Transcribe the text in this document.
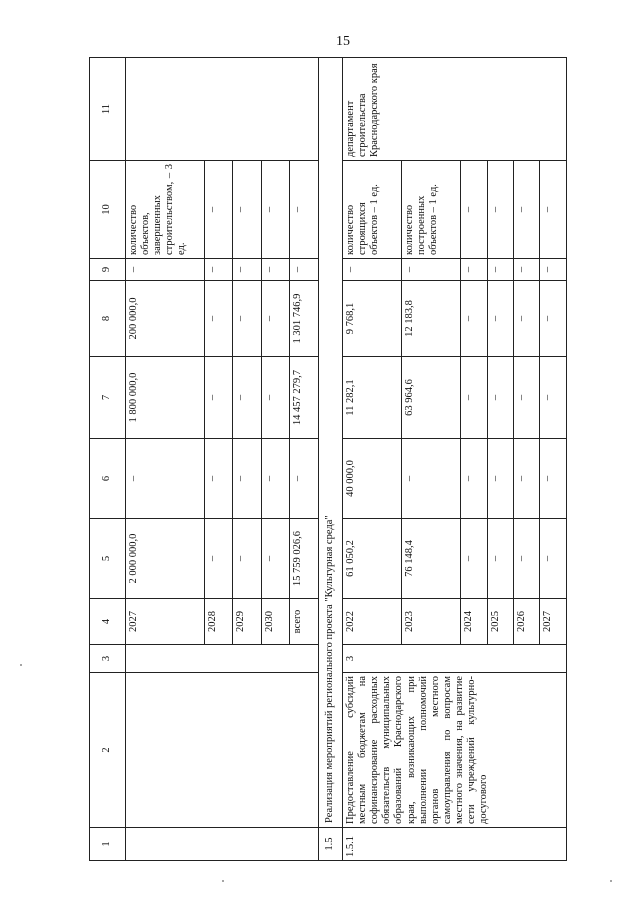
15
1	2	3	4	5	6	7	8	9	10	11
			2027	2 000 000,0	–	1 800 000,0	200 000,0	–	количество объектов, завершенных строительством, – 3 ед.	
			2028	–	–	–	–	–	–	
			2029	–	–	–	–	–	–	
			2030	–	–	–	–	–	–	
			всего	15 759 026,6	–	14 457 279,7	1 301 746,9	–	–	
1.5	Реализация мероприятий регионального проекта "Культурная среда"									
1.5.1	Предоставление субсидий местным бюджетам на софинансирование расходных обязательств муниципальных образований Краснодарского края, возникающих при выполнении полномочий органов местного самоуправления по вопросам местного значения, на развитие сети учреждений культурно-досугового	3	2022	61 050,2	40 000,0	11 282,1	9 768,1	–	количество строящихся объектов – 1 ед.	департамент строительства Краснодарского края
			2023	76 148,4	–	63 964,6	12 183,8	–	количество построенных объектов – 1 ед.	
			2024	–	–	–	–	–	–	
			2025	–	–	–	–	–	–	
			2026	–	–	–	–	–	–	
			2027	–	–	–	–	–	–	
